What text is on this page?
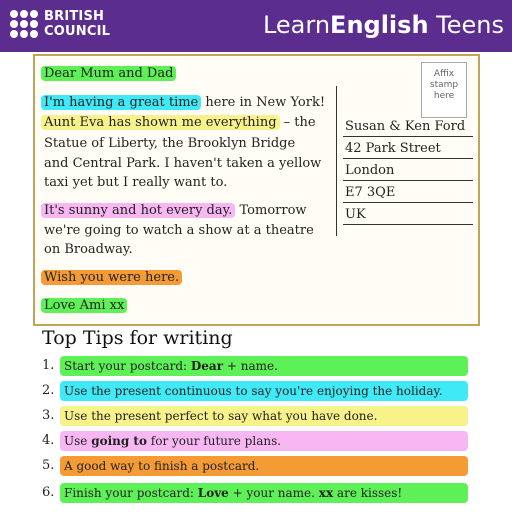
BRITISH
COUNCIL	LearnEnglish Teens
Dear Mum and Dad
I'm having a great time here in New York!
Aunt Eva has shown me everything – the
Statue of Liberty, the Brooklyn Bridge
and Central Park. I haven't taken a yellow
taxi yet but I really want to.
It's sunny and hot every day. Tomorrow
we're going to watch a show at a theatre
on Broadway.
Wish you were here.
Love Ami xx
Affix stamp here
Susan & Ken Ford
42 Park Street
London
E7 3QE
UK
Top Tips for writing
1. Start your postcard: Dear + name.
2. Use the present continuous to say you're enjoying the holiday.
3. Use the present perfect to say what you have done.
4. Use going to for your future plans.
5. A good way to finish a postcard.
6. Finish your postcard: Love + your name. xx are kisses!
